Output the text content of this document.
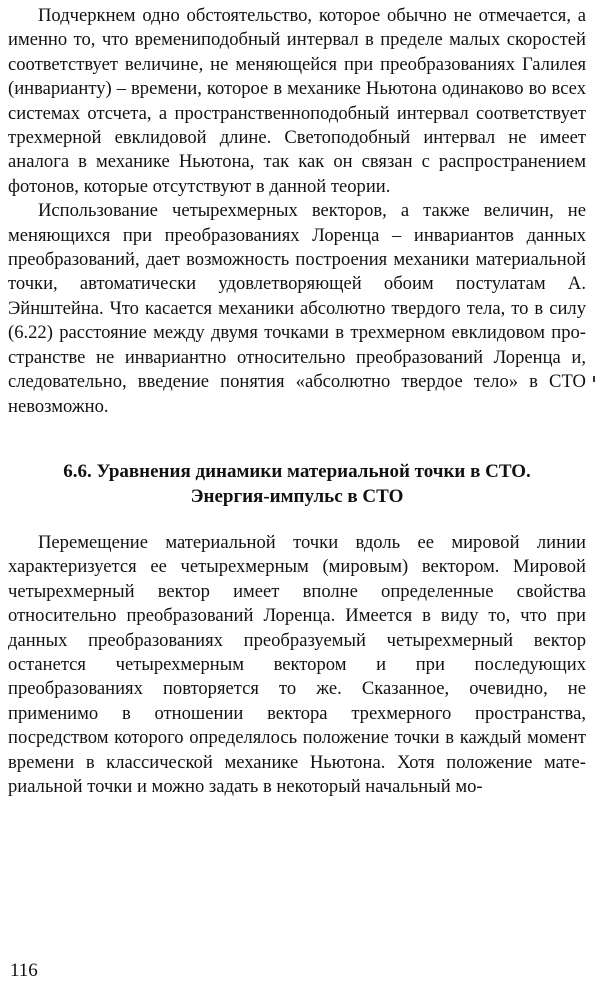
Подчеркнем одно обстоятельство, которое обычно не отмечается, а именно то, что времениподобный интервал в пределе малых скоростей соответствует величине, не меняющейся при преобразованиях Галилея (инварианту) – времени, которое в механике Ньютона одинаково во всех системах отсчета, а пространственноподобный интервал соответствует трехмерной евклидовой длине. Светоподобный интервал не имеет аналога в механике Ньютона, так как он связан с распространением фотонов, которые отсутствуют в данной теории.

Использование четырехмерных векторов, а также величин, не меняющихся при преобразованиях Лоренца – инвариантов данных преобразований, дает возможность построения механики материальной точки, автоматически удовлетворяющей обоим постулатам А. Эйнштейна. Что касается механики абсолютно твердого тела, то в силу (6.22) расстояние между двумя точками в трехмерном евклидовом пространстве не инвариантно относительно преобразований Лоренца и, следовательно, введение понятия «абсолютно твердое тело» в СТО невозможно.

6.6. Уравнения динамики материальной точки в СТО.
Энергия-импульс в СТО

Перемещение материальной точки вдоль ее мировой линии характеризуется ее четырехмерным (мировым) вектором. Мировой четырехмерный вектор имеет вполне определенные свойства относительно преобразований Лоренца. Имеется в виду то, что при данных преобразованиях преобразуемый четырехмерный вектор останется четырехмерным вектором и при последующих преобразованиях повторяется то же. Сказанное, очевидно, не применимо в отношении вектора трехмерного пространства, посредством которого определялось положение точки в каждый момент времени в классической механике Ньютона. Хотя положение материальной точки и можно задать в некоторый начальный мо-

116
